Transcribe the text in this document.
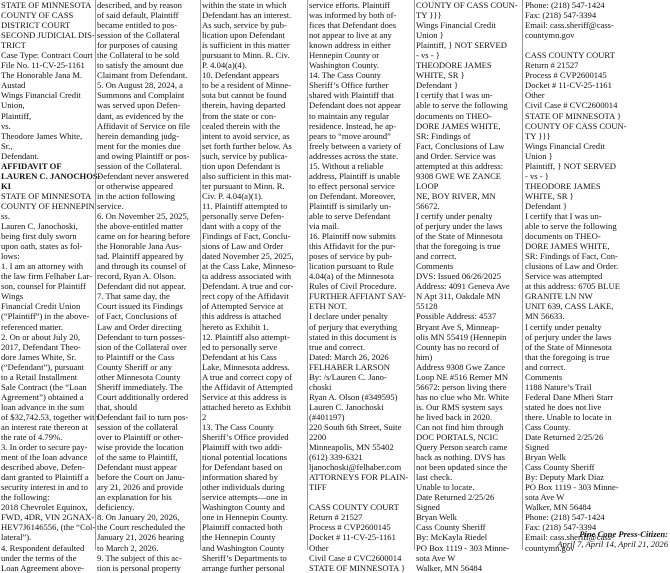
STATE OF MINNESOTA
COUNTY OF CASS
DISTRICT COURT
SECOND JUDICIAL DIS-
TRICT
Case Type: Contract Court
File No. 11-CV-25-1161
The Honorable Jana M.
Austad
Wings Financial Credit
Union,
Plaintiff,
vs.
Theodore James White,
Sr.,
Defendant.
AFFIDAVIT OF
LAUREN C. JANOCHOS-
KI
STATE OF MINNESOTA
COUNTY OF HENNEPIN
ss.
Lauren C. Janochoski,
being first duly sworn
upon oath, states as fol-
lows:
1. I am an attorney with
the law firm Felhaber Lar-
son, counsel for Plaintiff
Wings
Financial Credit Union
(“Plaintiff”) in the above-
referenced matter.
2. On or about July 20,
2017, Defendant Theo-
dore James White, Sr.
(“Defendant”), pursuant
to a Retail Installment
Sale Contract (the “Loan
Agreement”) obtained a
loan advance in the sum
of $32,742.53, together with
an interest rate thereon at
the rate of 4.79%.
3. In order to secure pay-
ment of the loan advance
described above, Defen-
dant granted to Plaintiff a
security interest in and to
the following:
2018 Chevrolet Equinox,
FWD, 4DR, VIN 2GNAX-
HEV7J6146556, (the “Col-
lateral”).
4. Respondent defaulted
under the terms of the
Loan Agreement above-
described, and by reason
of said default, Plaintiff
became entitled to pos-
session of the Collateral
for purposes of causing
the Collateral to be sold
to satisfy the amount due
Claimant from Defendant.
5. On August 28, 2024, a
Summons and Complaint
was served upon Defen-
dant, as evidenced by the
Affidavit of Service on file
herein demanding judg-
ment for the monies due
and owing Plaintiff or pos-
session of the Collateral.
Defendant never answered
or otherwise appeared
in the action following
service.
6. On November 25, 2025,
the above-entitled matter
came on for hearing before
the Honorable Jana Aus-
tad. Plaintiff appeared by
and through its counsel of
record, Ryan A. Olson.
Defendant did not appear.
7. That same day, the
Court issued its Findings
of Fact, Conclusions of
Law and Order directing
Defendant to turn posses-
sion of the Collateral over
to Plaintiff or the Cass
County Sheriff or any
other Minnesota County
Sheriff immediately. The
Court additionally ordered
that, should
Defendant fail to turn pos-
session of the collateral
over to Plaintiff or other-
wise provide the location
of the same to Plaintiff,
Defendant must appear
before the Court on Janu-
ary 21, 2026 and provide
an explanation for his
deficiency.
8. On January 20, 2026,
the Court rescheduled the
January 21, 2026 hearing
to March 2, 2026.
9. The subject of this ac-
tion is personal property
within the state in which
Defendant has an interest.
As such, service by pub-
lication upon Defendant
is sufficient in this matter
pursuant to Minn. R. Civ.
P. 4.04(a)(4).
10. Defendant appears
to be a resident of Minne-
sota but cannot be found
therein, having departed
from the state or con-
cealed therein with the
intent to avoid service, as
set forth further below. As
such, service by publica-
tion upon Defendant is
also sufficient in this mat-
ter pursuant to Minn. R.
Civ. P. 4.04(a)(1).
11. Plaintiff attempted to
personally serve Defen-
dant with a copy of the
Findings of Fact, Conclu-
sions of Law and Order
dated November 25, 2025,
at the Cass Lake, Minneso-
ta address associated with
Defendant. A true and cor-
rect copy of the Affidavit
of Attempted Service at
this address is attached
hereto as Exhibit 1.
12. Plaintiff also attempt-
ed to personally serve
Defendant at his Cass
Lake, Minnesota address.
A true and correct copy of
the Affidavit of Attempted
Service at this address is
attached hereto as Exhibit
2
13. The Cass County
Sheriff’s Office provided
Plaintiff with two addi-
tional potential locations
for Defendant based on
information shared by
other individuals during
service attempts—one in
Washington County and
one in Hennepin County.
Plaintiff contacted both
the Hennepin County
and Washington County
Sheriff’s Departments to
arrange further personal
service efforts. Plaintiff
was informed by both of-
fices that Defendant does
not appear to live at any
known address in either
Hennepin County or
Washington County.
14. The Cass County
Sheriff’s Office further
shared with Plaintiff that
Defendant does not appear
to maintain any regular
residence. Instead, he ap-
pears to “move around”
freely between a variety of
addresses across the state.
15. Without a reliable
address, Plaintiff is unable
to effect personal service
on Defendant. Moreover,
Plaintiff is similarly un-
able to serve Defendant
via mail.
16. Plaintiff now submits
this Affidavit for the pur-
poses of service by pub-
lication pursuant to Rule
4.04(a) of the Minnesota
Rules of Civil Procedure.
FURTHER AFFIANT SAY-
ETH NOT.
I declare under penalty
of perjury that everything
stated in this document is
true and correct.
Dated: March 26, 2026
FELHABER LARSON
By: /s/Lauren C. Jano-
choski
Ryan A. Olson (#349595)
Lauren C. Janochoski
(#401197)
220 South 6th Street, Suite
2200
Minneapolis, MN 55402
(612) 339-6321
ljanochoski@felhaber.com
ATTORNEYS FOR PLAIN-
TIFF

CASS COUNTY COURT
Return # 21527
Process # CVP2600145
Docket # 11-CV-25-1161
Other
Civil Case # CVC2600014
STATE OF MINNESOTA }
COUNTY OF CASS COUN-
TY }}}
Wings Financial Credit
Union }
Plaintiff, } NOT SERVED
- vs - }
THEODORE JAMES
WHITE, SR }
Defendant }
I certify that I was un-
able to serve the following
documents on THEO-
DORE JAMES WHITE,
SR: Findings of
Fact, Conclusions of Law
and Order. Service was
attempted at this address:
9308 GWE WE ZANCE
LOOP
NE, BOY RIVER, MN
56672.
I certify under penalty
of perjury under the laws
of the State of Minnesota
that the foregoing is true
and correct.
Comments
DVS: Issued 06/26/2025
Address: 4091 Geneva Ave
N Apt 311, Oakdale MN
55128
Possible Address: 4537
Bryant Ave S, Minneap-
olis MN 55419 (Hennepin
County has no record of
him)
Address 9308 Gwe Zance
Loop NE #516 Remer MN
56672: person living there
has no clue who Mr. White
is. Our RMS system says
he lived back in 2020.
Can not find him through
DOC PORTALS, NCIC
Query Person search came
back as nothing. DVS has
not been updated since the
last check.
Unable to locate.
Date Returned 2/25/26
Signed
Bryan Welk
Cass County Sheriff
By: McKayla Riedel
PO Box 1119 - 303 Minne-
sota Ave W
Walker, MN 56484
Phone: (218) 547-1424
Fax: (218) 547-3394
Email: cass.sheriff@cass-
countymn.gov

CASS COUNTY COURT
Return # 21527
Process # CVP2600145
Docket # 11-CV-25-1161
Other
Civil Case # CVC2600014
STATE OF MINNESOTA }
COUNTY OF CASS COUN-
TY }}}
Wings Financial Credit
Union }
Plaintiff, } NOT SERVED
- vs - }
THEODORE JAMES
WHITE, SR }
Defendant }
I certify that I was un-
able to serve the following
documents on THEO-
DORE JAMES WHITE,
SR: Findings of Fact, Con-
clusions of Law and Order.
Service was attempted
at this address: 6705 BLUE
GRANITE LN NW
UNIT 639, CASS LAKE,
MN 56633.
I certify under penalty
of perjury under the laws
of the State of Minnesota
that the foregoing is true
and correct.
Comments
1188 Nature’s Trail
Federal Dane Mheri Starr
stated he does not live
there. Unable to locate in
Cass County.
Date Returned 2/25/26
Signed
Bryan Welk
Cass County Sheriff
By: Deputy Mark Diaz
PO Box 1119 - 303 Minne-
sota Ave W
Walker, MN 56484
Phone: (218) 547-1424
Fax: (218) 547-3394
Email: cass.sheriff@cass-
countymn.gov
Pine Cone Press-Citizen:
April 7, April 14, April 21, 2026
